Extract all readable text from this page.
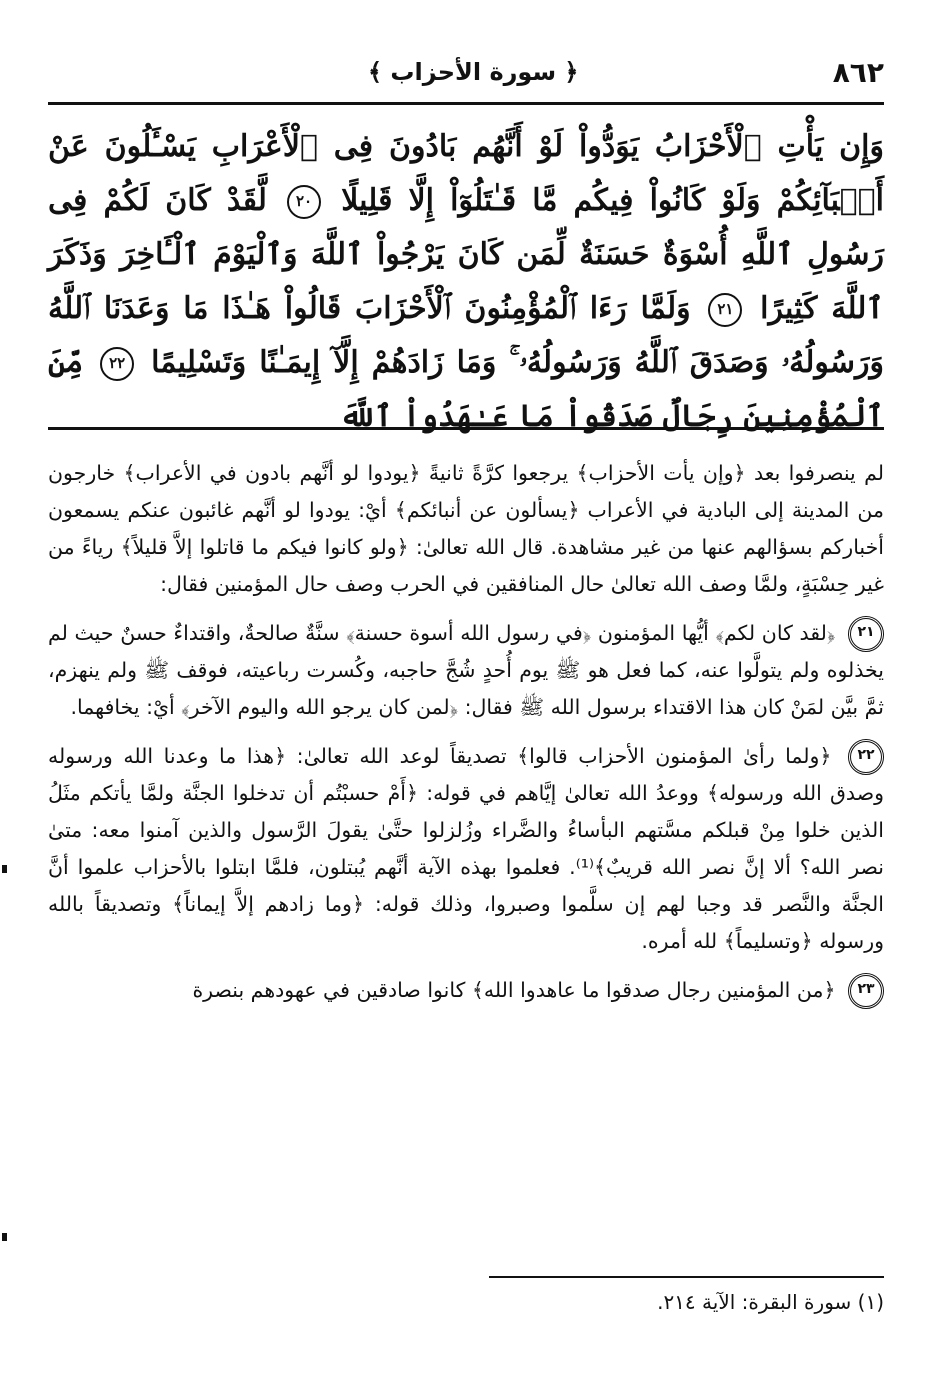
﴿ سورة الأحزاب ﴾	٨٦٢
وَإِن يَأْتِ ٱلْأَحْزَابُ يَوَدُّواْ لَوْ أَنَّهُم بَادُونَ فِى ٱلْأَعْرَابِ يَسْـَٔلُونَ عَنْ أَنۢبَآئِكُمْ وَلَوْ كَانُواْ فِيكُم مَّا قَـٰتَلُوٓاْ إِلَّا قَلِيلًا ٢٠ لَّقَدْ كَانَ لَكُمْ فِى رَسُولِ ٱللَّهِ أُسْوَةٌ حَسَنَةٌ لِّمَن كَانَ يَرْجُواْ ٱللَّهَ وَٱلْيَوْمَ ٱلْـَٔاخِرَ وَذَكَرَ ٱللَّهَ كَثِيرًا ٢١ وَلَمَّا رَءَا ٱلْمُؤْمِنُونَ ٱلْأَحْزَابَ قَالُواْ هَـٰذَا مَا وَعَدَنَا ٱللَّهُ وَرَسُولُهُۥ وَصَدَقَ ٱللَّهُ وَرَسُولُهُۥ ۚ وَمَا زَادَهُمْ إِلَّآ إِيمَـٰنًا وَتَسْلِيمًا ٢٢ مِّنَ ٱلْمُؤْمِنِينَ رِجَالٌ صَدَقُواْ مَا عَـٰهَدُواْ ٱللَّهَ

لم ينصرفوا بعد ﴿وإن يأت الأحزاب﴾ يرجعوا كرَّةً ثانيةً ﴿يودوا لو أنَّهم بادون في الأعراب﴾ خارجون من المدينة إلى البادية في الأعراب ﴿يسألون عن أنبائكم﴾ أيْ: يودوا لو أنَّهم غائبون عنكم يسمعون أخباركم بسؤالهم عنها من غير مشاهدة. قال الله تعالىٰ: ﴿ولو كانوا فيكم ما قاتلوا إلاَّ قليلاً﴾ رياءً من غير حِسْبَةٍ، ولمَّا وصف الله تعالىٰ حال المنافقين في الحرب وصف حال المؤمنين فقال:

٢١ ﴿لقد كان لكم﴾ أيُّها المؤمنون ﴿في رسول الله أسوة حسنة﴾ سنَّةٌ صالحةٌ، واقتداءٌ حسنٌ حيث لم يخذلوه ولم يتولَّوا عنه، كما فعل هو ﷺ يوم أُحدٍ شُجَّ حاجبه، وكُسرت رباعيته، فوقف ﷺ ولم ينهزم، ثمَّ بيَّن لمَنْ كان هذا الاقتداء برسول الله ﷺ فقال: ﴿لمن كان يرجو الله واليوم الآخر﴾ أيْ: يخافهما.

٢٢ ﴿ولما رأىٰ المؤمنون الأحزاب قالوا﴾ تصديقاً لوعد الله تعالىٰ: ﴿هذا ما وعدنا الله ورسوله وصدق الله ورسوله﴾ ووعدُ الله تعالىٰ إيَّاهم في قوله: ﴿أَمْ حسبْتُم أن تدخلوا الجنَّة ولمَّا يأتكم مثَلُ الذين خلوا مِنْ قبلكم مسَّتهم البأساءُ والضَّراء وزُلزلوا حتَّىٰ يقولَ الرَّسول والذين آمنوا معه: متىٰ نصر الله؟ ألا إنَّ نصر الله قريبٌ﴾⁽¹⁾. فعلموا بهذه الآية أنَّهم يُبتلون، فلمَّا ابتلوا بالأحزاب علموا أنَّ الجنَّة والنَّصر قد وجبا لهم إن سلَّموا وصبروا، وذلك قوله: ﴿وما زادهم إلاَّ إيماناً﴾ وتصديقاً بالله ورسوله ﴿وتسليماً﴾ لله أمره.

٢٣ ﴿من المؤمنين رجال صدقوا ما عاهدوا الله﴾ كانوا صادقين في عهودهم بنصرة

(١) سورة البقرة: الآية ٢١٤.
